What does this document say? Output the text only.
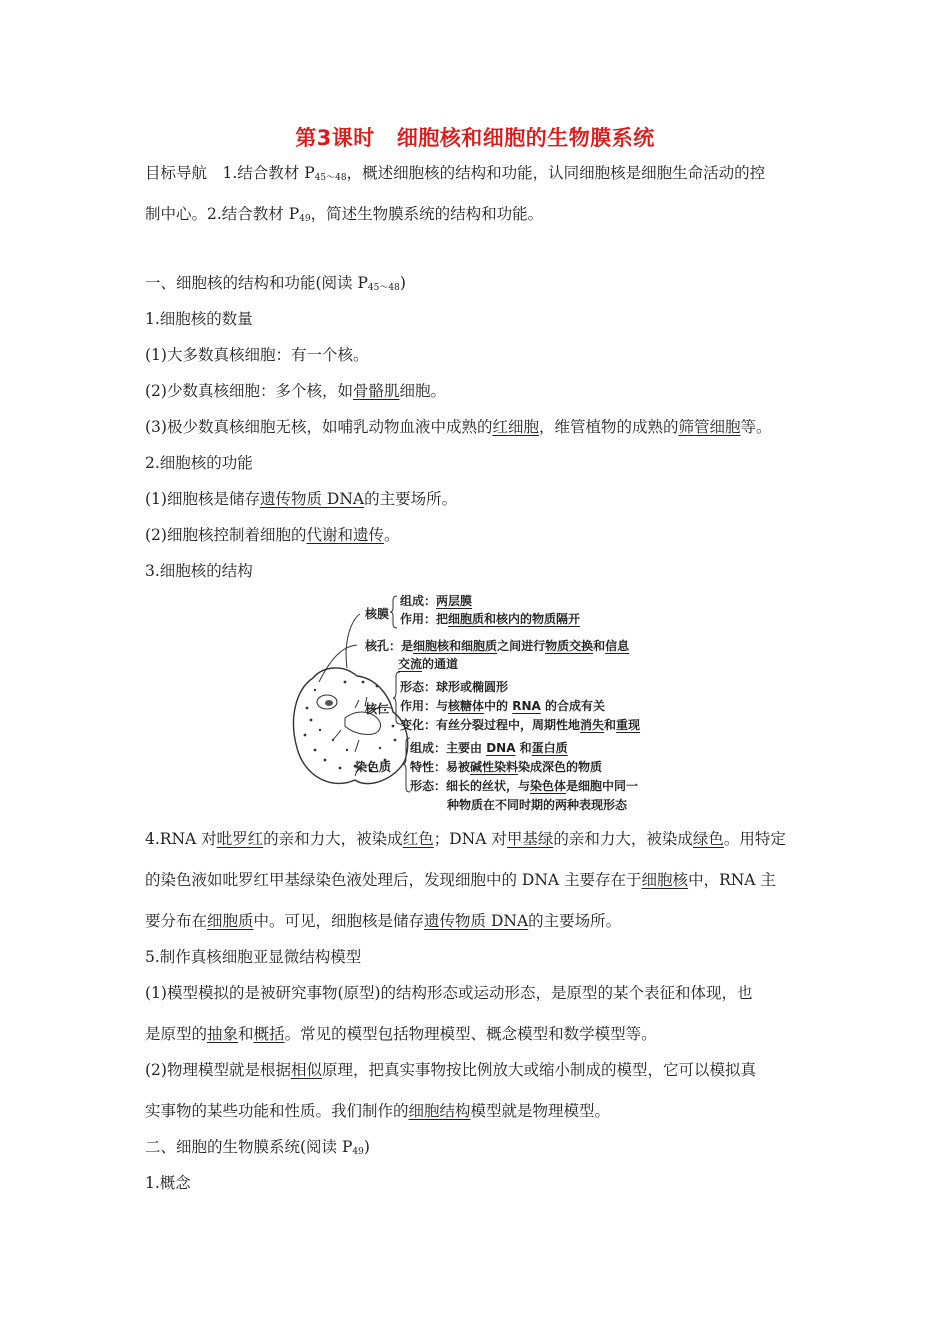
第3课时 细胞核和细胞的生物膜系统
目标导航　1.结合教材 $P_{45\sim 48}$，概述细胞核的结构和功能，认同细胞核是细胞生命活动的控
制中心。2.结合教材 $P_{49}$，简述生物膜系统的结构和功能。
一、细胞核的结构和功能(阅读 $P_{45\sim 48}$)
1.细胞核的数量
(1)大多数真核细胞：有一个核。
(2)少数真核细胞：多个核，如骨骼肌细胞。
(3)极少数真核细胞无核，如哺乳动物血液中成熟的红细胞，维管植物的成熟的筛管细胞等。
2.细胞核的功能
(1)细胞核是储存遗传物质 DNA的主要场所。
(2)细胞核控制着细胞的代谢和遗传。
3.细胞核的结构
核膜
组成：两层膜
作用：把细胞质和核内的物质隔开
核孔：是细胞核和细胞质之间进行物质交换和信息
交流的通道
核仁
形态：球形或椭圆形
作用：与核糖体中的 RNA 的合成有关
变化：有丝分裂过程中，周期性地消失和重现
染色质
组成：主要由 DNA 和蛋白质
特性：易被碱性染料染成深色的物质
形态：细长的丝状，与染色体是细胞中同一
种物质在不同时期的两种表现形态
4.RNA 对吡罗红的亲和力大，被染成红色；DNA 对甲基绿的亲和力大，被染成绿色。用特定
的染色液如吡罗红甲基绿染色液处理后，发现细胞中的 DNA 主要存在于细胞核中，RNA 主
要分布在细胞质中。可见，细胞核是储存遗传物质 DNA的主要场所。
5.制作真核细胞亚显微结构模型
(1)模型模拟的是被研究事物(原型)的结构形态或运动形态，是原型的某个表征和体现，也
是原型的抽象和概括。常见的模型包括物理模型、概念模型和数学模型等。
(2)物理模型就是根据相似原理，把真实事物按比例放大或缩小制成的模型，它可以模拟真
实事物的某些功能和性质。我们制作的细胞结构模型就是物理模型。
二、细胞的生物膜系统(阅读 $P_{49}$)
1.概念
